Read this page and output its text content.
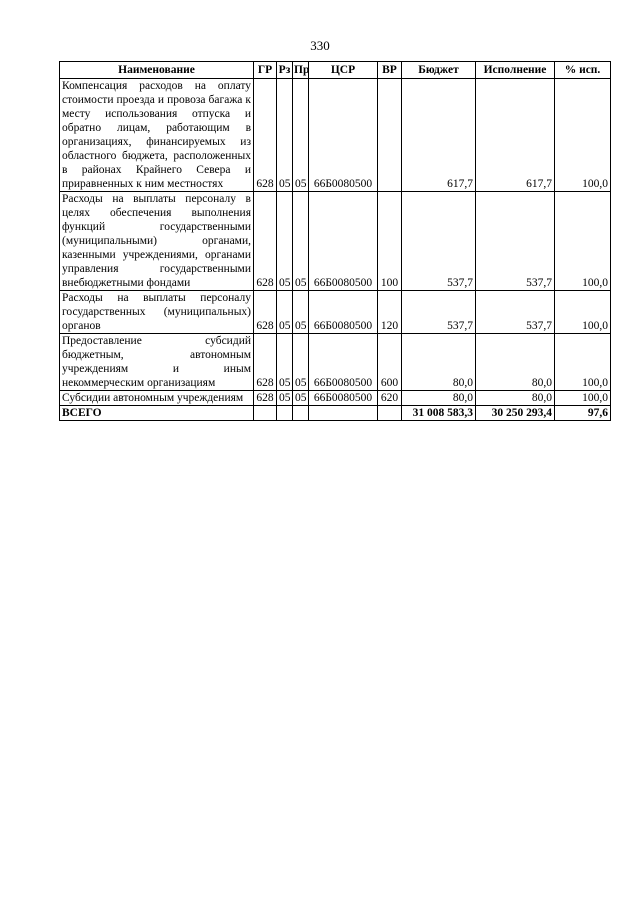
330
Наименование	ГР	Рз	Пр	ЦСР	ВР	Бюджет	Исполнение	% исп.
Компенсация расходов на оплату стоимости проезда и провоза багажа к месту использования отпуска и обратно лицам, работающим в организациях, финансируемых из областного бюджета, расположенных в районах Крайнего Севера и приравненных к ним местностях	628	05	05	66Б0080500		617,7	617,7	100,0
Расходы на выплаты персоналу в целях обеспечения выполнения функций государственными (муниципальными) органами, казенными учреждениями, органами управления государственными внебюджетными фондами	628	05	05	66Б0080500	100	537,7	537,7	100,0
Расходы на выплаты персоналу государственных (муниципальных) органов	628	05	05	66Б0080500	120	537,7	537,7	100,0
Предоставление субсидий бюджетным, автономным учреждениям и иным некоммерческим организациям	628	05	05	66Б0080500	600	80,0	80,0	100,0
Субсидии автономным учреждениям	628	05	05	66Б0080500	620	80,0	80,0	100,0
ВСЕГО						31 008 583,3	30 250 293,4	97,6
